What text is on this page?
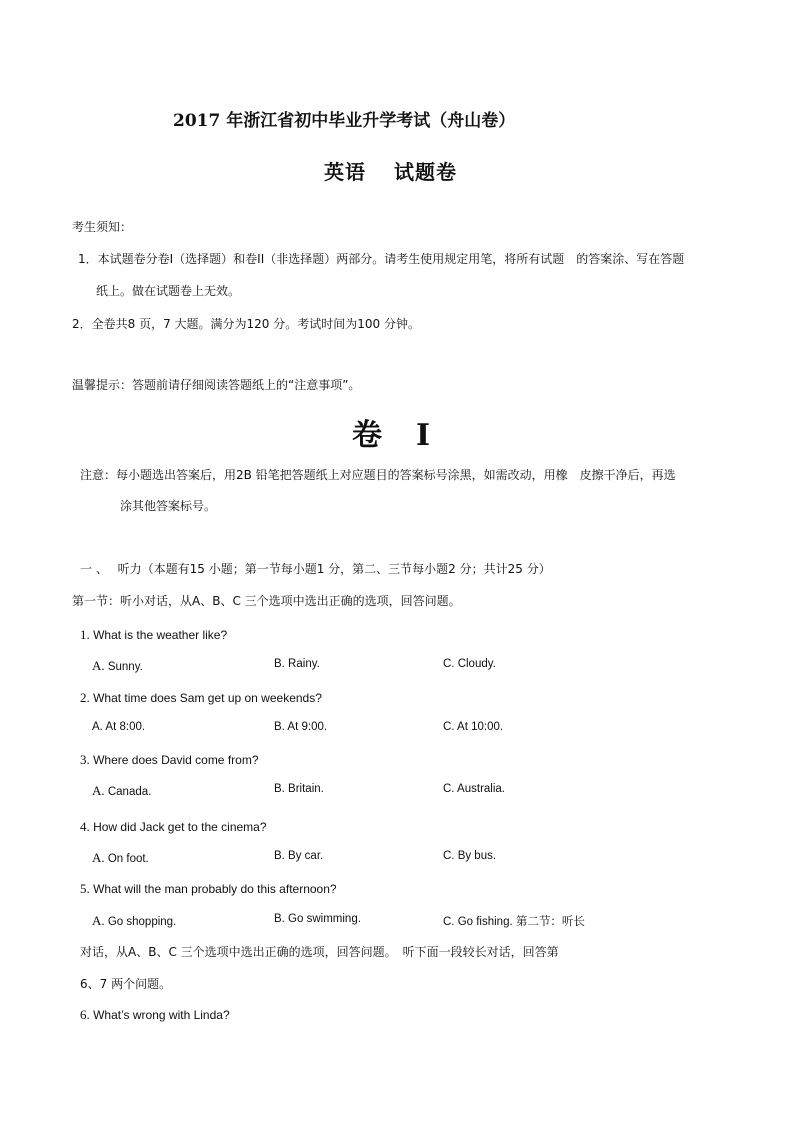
2017 年浙江省初中毕业升学考试（舟山卷）
英语 试题卷
考生须知：
1．本试题卷分卷I（选择题）和卷II（非选择题）两部分。请考生使用规定用笔，将所有试题　的答案涂、写在答题
纸上。做在试题卷上无效。
2．全卷共8 页，7 大题。满分为120 分。考试时间为100 分钟。
温馨提示：答题前请仔细阅读答题纸上的“注意事项”。
卷　I
注意：每小题选出答案后，用2B 铅笔把答题纸上对应题目的答案标号涂黑，如需改动，用橡　皮擦干净后，再选
涂其他答案标号。
一 、　 听力（本题有15 小题；第一节每小题1 分，第二、三节每小题2 分；共计25 分）
第一节：听小对话，从A、B、C 三个选项中选出正确的选项，回答问题。
1. What is the weather like?
A. Sunny.	B. Rainy.	C. Cloudy.
2. What time does Sam get up on weekends?
A. At 8:00.	B. At 9:00.	C. At 10:00.
3. Where does David come from?
A. Canada.	B. Britain.	C. Australia.
4. How did Jack get to the cinema?
A. On foot.	B. By car.	C. By bus.
5. What will the man probably do this afternoon?
A. Go shopping.	B. Go swimming.	C. Go fishing. 第二节：听长
对话，从A、B、C 三个选项中选出正确的选项，回答问题。　听下面一段较长对话，回答第
6、7 两个问题。
6. What’s wrong with Linda?
